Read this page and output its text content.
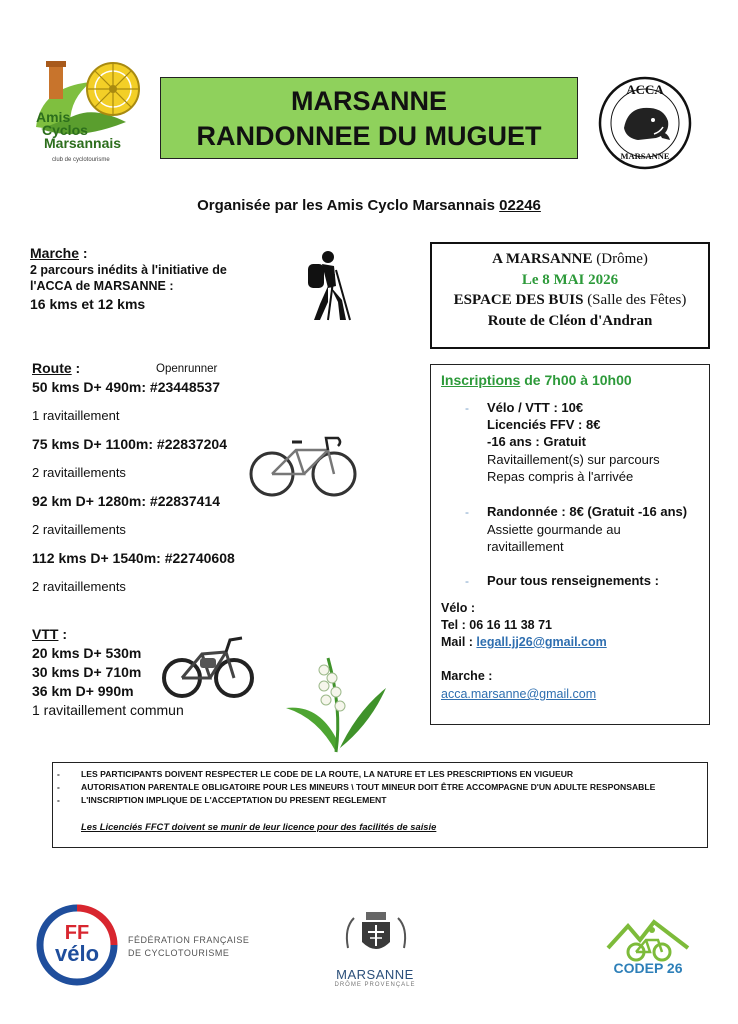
Amis
Cyclos
Marsannais
club de cyclotourisme
MARSANNE
RANDONNEE DU MUGUET
ACCA
MARSANNE
Organisée par les Amis Cyclo Marsannais 02246
Marche :
2 parcours inédits à l'initiative de
l'ACCA de MARSANNE :
16 kms et 12 kms
A MARSANNE (Drôme)
Le 8 MAI 2026
ESPACE DES BUIS (Salle des Fêtes)
Route de Cléon d'Andran
Route :	Openrunner
50 kms D+ 490m: #23448537
1 ravitaillement
75 kms D+ 1100m: #22837204
2 ravitaillements
92 km D+ 1280m: #22837414
2 ravitaillements
112 kms D+ 1540m: #22740608
2 ravitaillements
VTT :
20 kms D+ 530m
30 kms D+ 710m
36 km D+ 990m
1 ravitaillement commun
Inscriptions de 7h00 à 10h00
- Vélo / VTT : 10€
Licenciés FFV : 8€
-16 ans : Gratuit
Ravitaillement(s) sur parcours
Repas compris à l'arrivée
- Randonnée : 8€ (Gratuit -16 ans)
Assiette gourmande au
ravitaillement
- Pour tous renseignements :
Vélo :
Tel : 06 16 11 38 71
Mail : legall.jj26@gmail.com
Marche :
acca.marsanne@gmail.com
- LES PARTICIPANTS DOIVENT RESPECTER LE CODE DE LA ROUTE, LA NATURE ET LES PRESCRIPTIONS EN VIGUEUR
- AUTORISATION PARENTALE OBLIGATOIRE POUR LES MINEURS \ TOUT MINEUR DOIT ÊTRE ACCOMPAGNE D'UN ADULTE RESPONSABLE
- L'INSCRIPTION IMPLIQUE DE L'ACCEPTATION DU PRESENT REGLEMENT
Les Licenciés FFCT doivent se munir de leur licence pour des facilités de saisie
FF
vélo
FÉDÉRATION FRANÇAISE
DE CYCLOTOURISME
MARSANNE
DRÔME PROVENÇALE
CODEP 26
